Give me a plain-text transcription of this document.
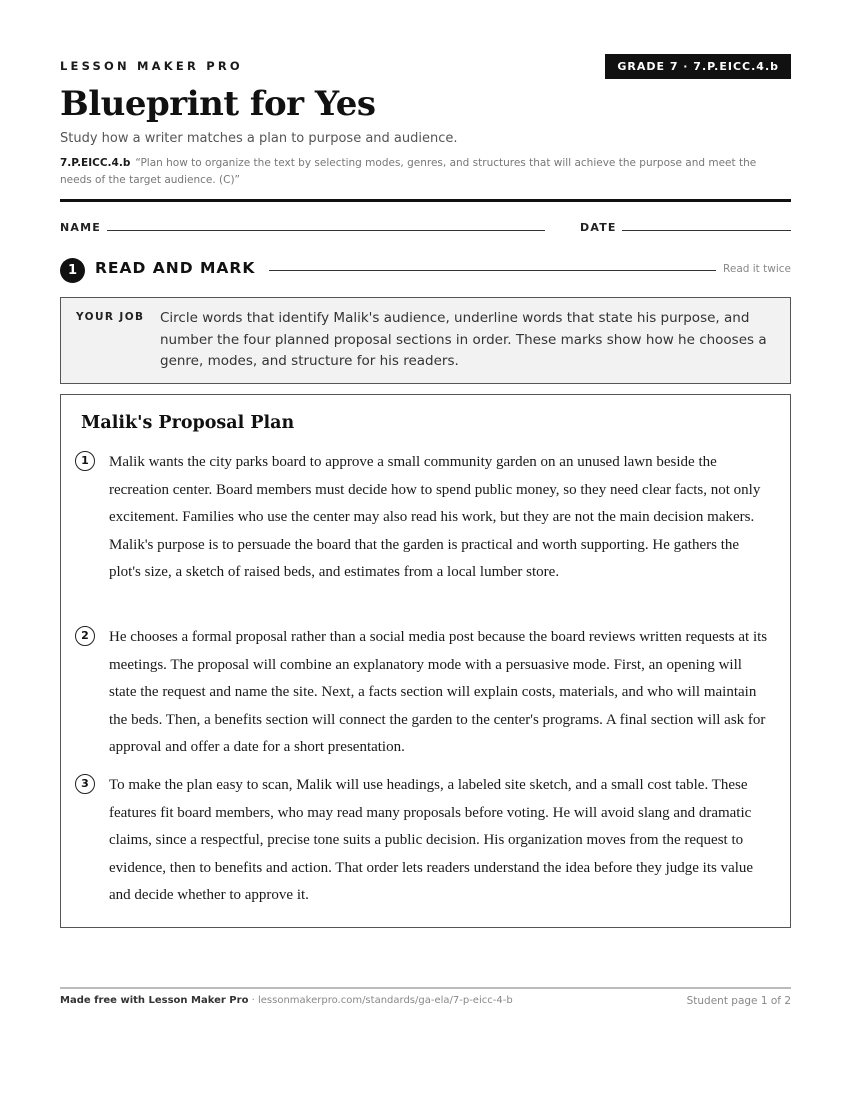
LESSON MAKER PRO	GRADE 7 · 7.P.EICC.4.b
Blueprint for Yes
Study how a writer matches a plan to purpose and audience.
7.P.EICC.4.b “Plan how to organize the text by selecting modes, genres, and structures that will achieve the purpose and meet the needs of the target audience. (C)”
NAME	DATE
1	READ AND MARK	Read it twice
YOUR JOB Circle words that identify Malik's audience, underline words that state his purpose, and number the four planned proposal sections in order. These marks show how he chooses a genre, modes, and structure for his readers.
Malik's Proposal Plan
1	Malik wants the city parks board to approve a small community garden on an unused lawn beside the recreation center. Board members must decide how to spend public money, so they need clear facts, not only excitement. Families who use the center may also read his work, but they are not the main decision makers. Malik's purpose is to persuade the board that the garden is practical and worth supporting. He gathers the plot's size, a sketch of raised beds, and estimates from a local lumber store.
2	He chooses a formal proposal rather than a social media post because the board reviews written requests at its meetings. The proposal will combine an explanatory mode with a persuasive mode. First, an opening will state the request and name the site. Next, a facts section will explain costs, materials, and who will maintain the beds. Then, a benefits section will connect the garden to the center's programs. A final section will ask for approval and offer a date for a short presentation.
3	To make the plan easy to scan, Malik will use headings, a labeled site sketch, and a small cost table. These features fit board members, who may read many proposals before voting. He will avoid slang and dramatic claims, since a respectful, precise tone suits a public decision. His organization moves from the request to evidence, then to benefits and action. That order lets readers understand the idea before they judge its value and decide whether to approve it.
Made free with Lesson Maker Pro · lessonmakerpro.com/standards/ga-ela/7-p-eicc-4-b	Student page 1 of 2
